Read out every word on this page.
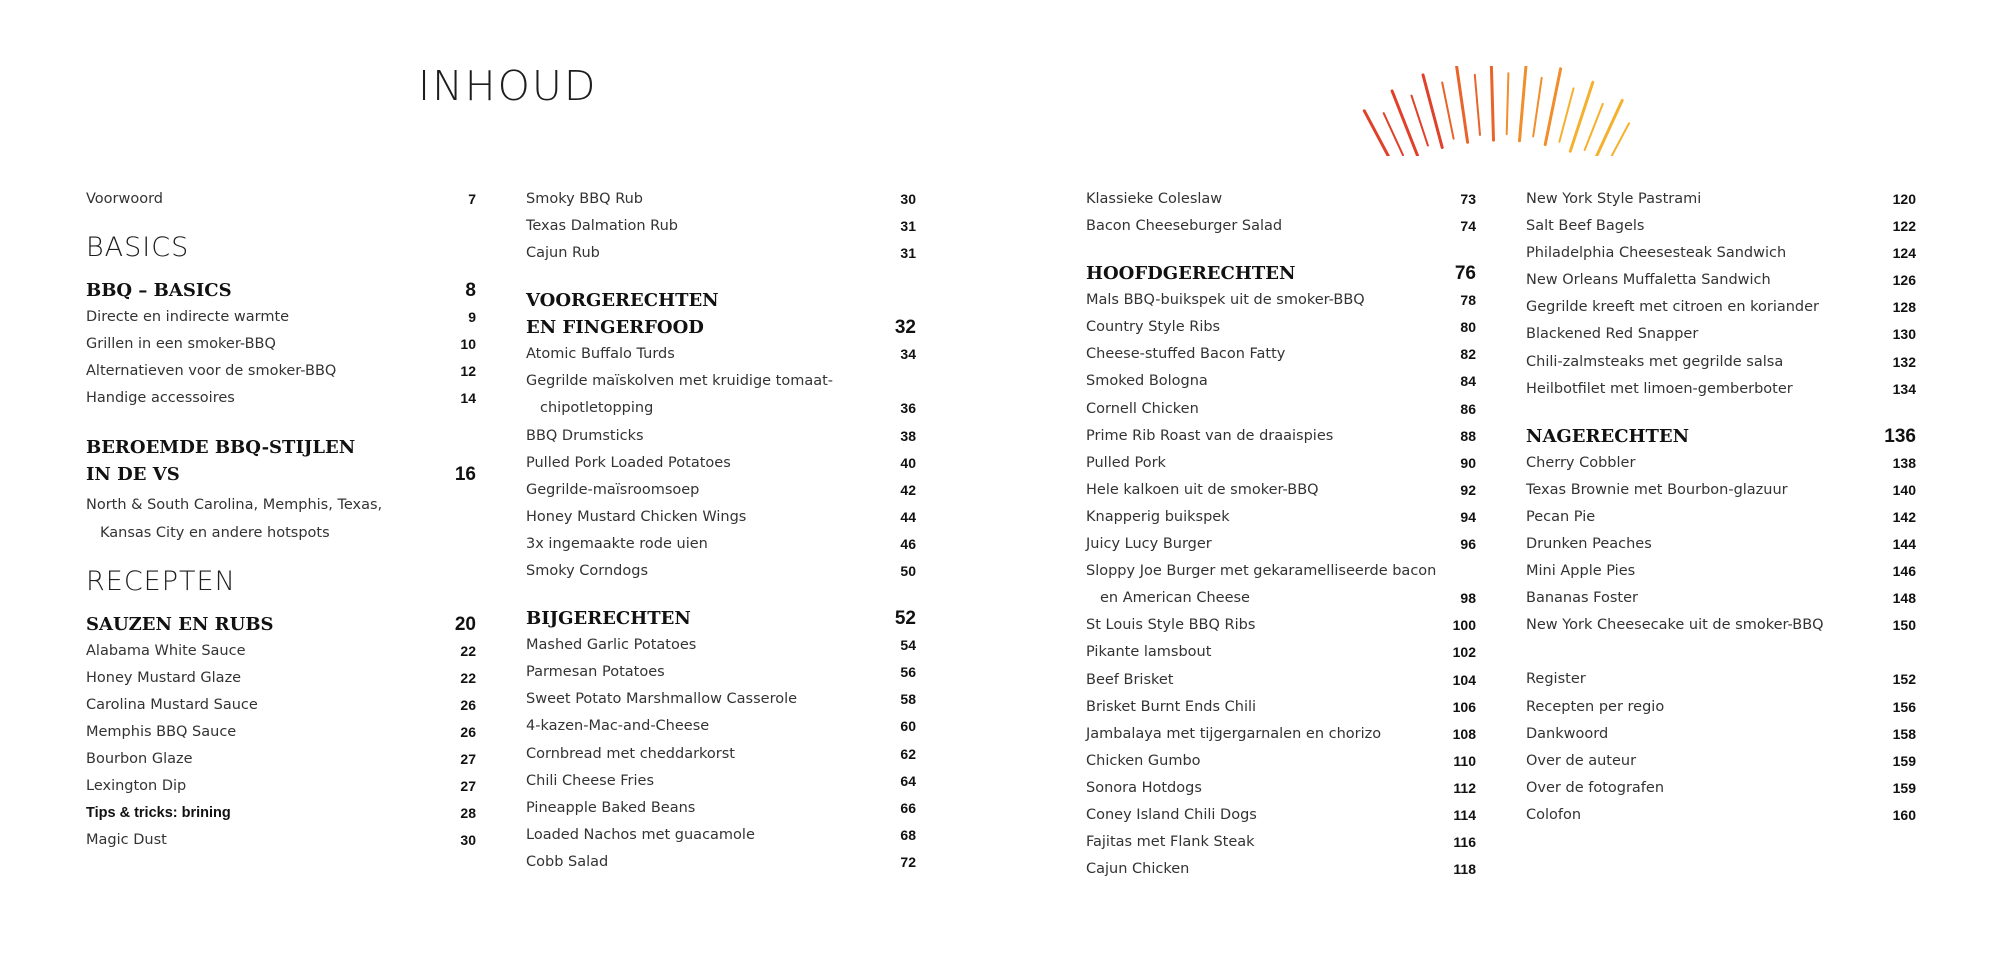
INHOUD
Voorwoord	7
BASICS
BBQ – BASICS	8
Directe en indirecte warmte	9
Grillen in een smoker-BBQ	10
Alternatieven voor de smoker-BBQ	12
Handige accessoires	14
BEROEMDE BBQ-STIJLEN
IN DE VS	16
North & South Carolina, Memphis, Texas,
Kansas City en andere hotspots
RECEPTEN
SAUZEN EN RUBS	20
Alabama White Sauce	22
Honey Mustard Glaze	22
Carolina Mustard Sauce	26
Memphis BBQ Sauce	26
Bourbon Glaze	27
Lexington Dip	27
Tips & tricks: brining	28
Magic Dust	30
Smoky BBQ Rub	30
Texas Dalmation Rub	31
Cajun Rub	31
VOORGERECHTEN
EN FINGERFOOD	32
Atomic Buffalo Turds	34
Gegrilde maïskolven met kruidige tomaat-
chipotletopping	36
BBQ Drumsticks	38
Pulled Pork Loaded Potatoes	40
Gegrilde-maïsroomsoep	42
Honey Mustard Chicken Wings	44
3x ingemaakte rode uien	46
Smoky Corndogs	50
BIJGERECHTEN	52
Mashed Garlic Potatoes	54
Parmesan Potatoes	56
Sweet Potato Marshmallow Casserole	58
4-kazen-Mac-and-Cheese	60
Cornbread met cheddarkorst	62
Chili Cheese Fries	64
Pineapple Baked Beans	66
Loaded Nachos met guacamole	68
Cobb Salad	72
Klassieke Coleslaw	73
Bacon Cheeseburger Salad	74
HOOFDGERECHTEN	76
Mals BBQ-buikspek uit de smoker-BBQ	78
Country Style Ribs	80
Cheese-stuffed Bacon Fatty	82
Smoked Bologna	84
Cornell Chicken	86
Prime Rib Roast van de draaispies	88
Pulled Pork	90
Hele kalkoen uit de smoker-BBQ	92
Knapperig buikspek	94
Juicy Lucy Burger	96
Sloppy Joe Burger met gekaramelliseerde bacon
en American Cheese	98
St Louis Style BBQ Ribs	100
Pikante lamsbout	102
Beef Brisket	104
Brisket Burnt Ends Chili	106
Jambalaya met tijgergarnalen en chorizo	108
Chicken Gumbo	110
Sonora Hotdogs	112
Coney Island Chili Dogs	114
Fajitas met Flank Steak	116
Cajun Chicken	118
New York Style Pastrami	120
Salt Beef Bagels	122
Philadelphia Cheesesteak Sandwich	124
New Orleans Muffaletta Sandwich	126
Gegrilde kreeft met citroen en koriander	128
Blackened Red Snapper	130
Chili-zalmsteaks met gegrilde salsa	132
Heilbotfilet met limoen-gemberboter	134
NAGERECHTEN	136
Cherry Cobbler	138
Texas Brownie met Bourbon-glazuur	140
Pecan Pie	142
Drunken Peaches	144
Mini Apple Pies	146
Bananas Foster	148
New York Cheesecake uit de smoker-BBQ	150
Register	152
Recepten per regio	156
Dankwoord	158
Over de auteur	159
Over de fotografen	159
Colofon	160
